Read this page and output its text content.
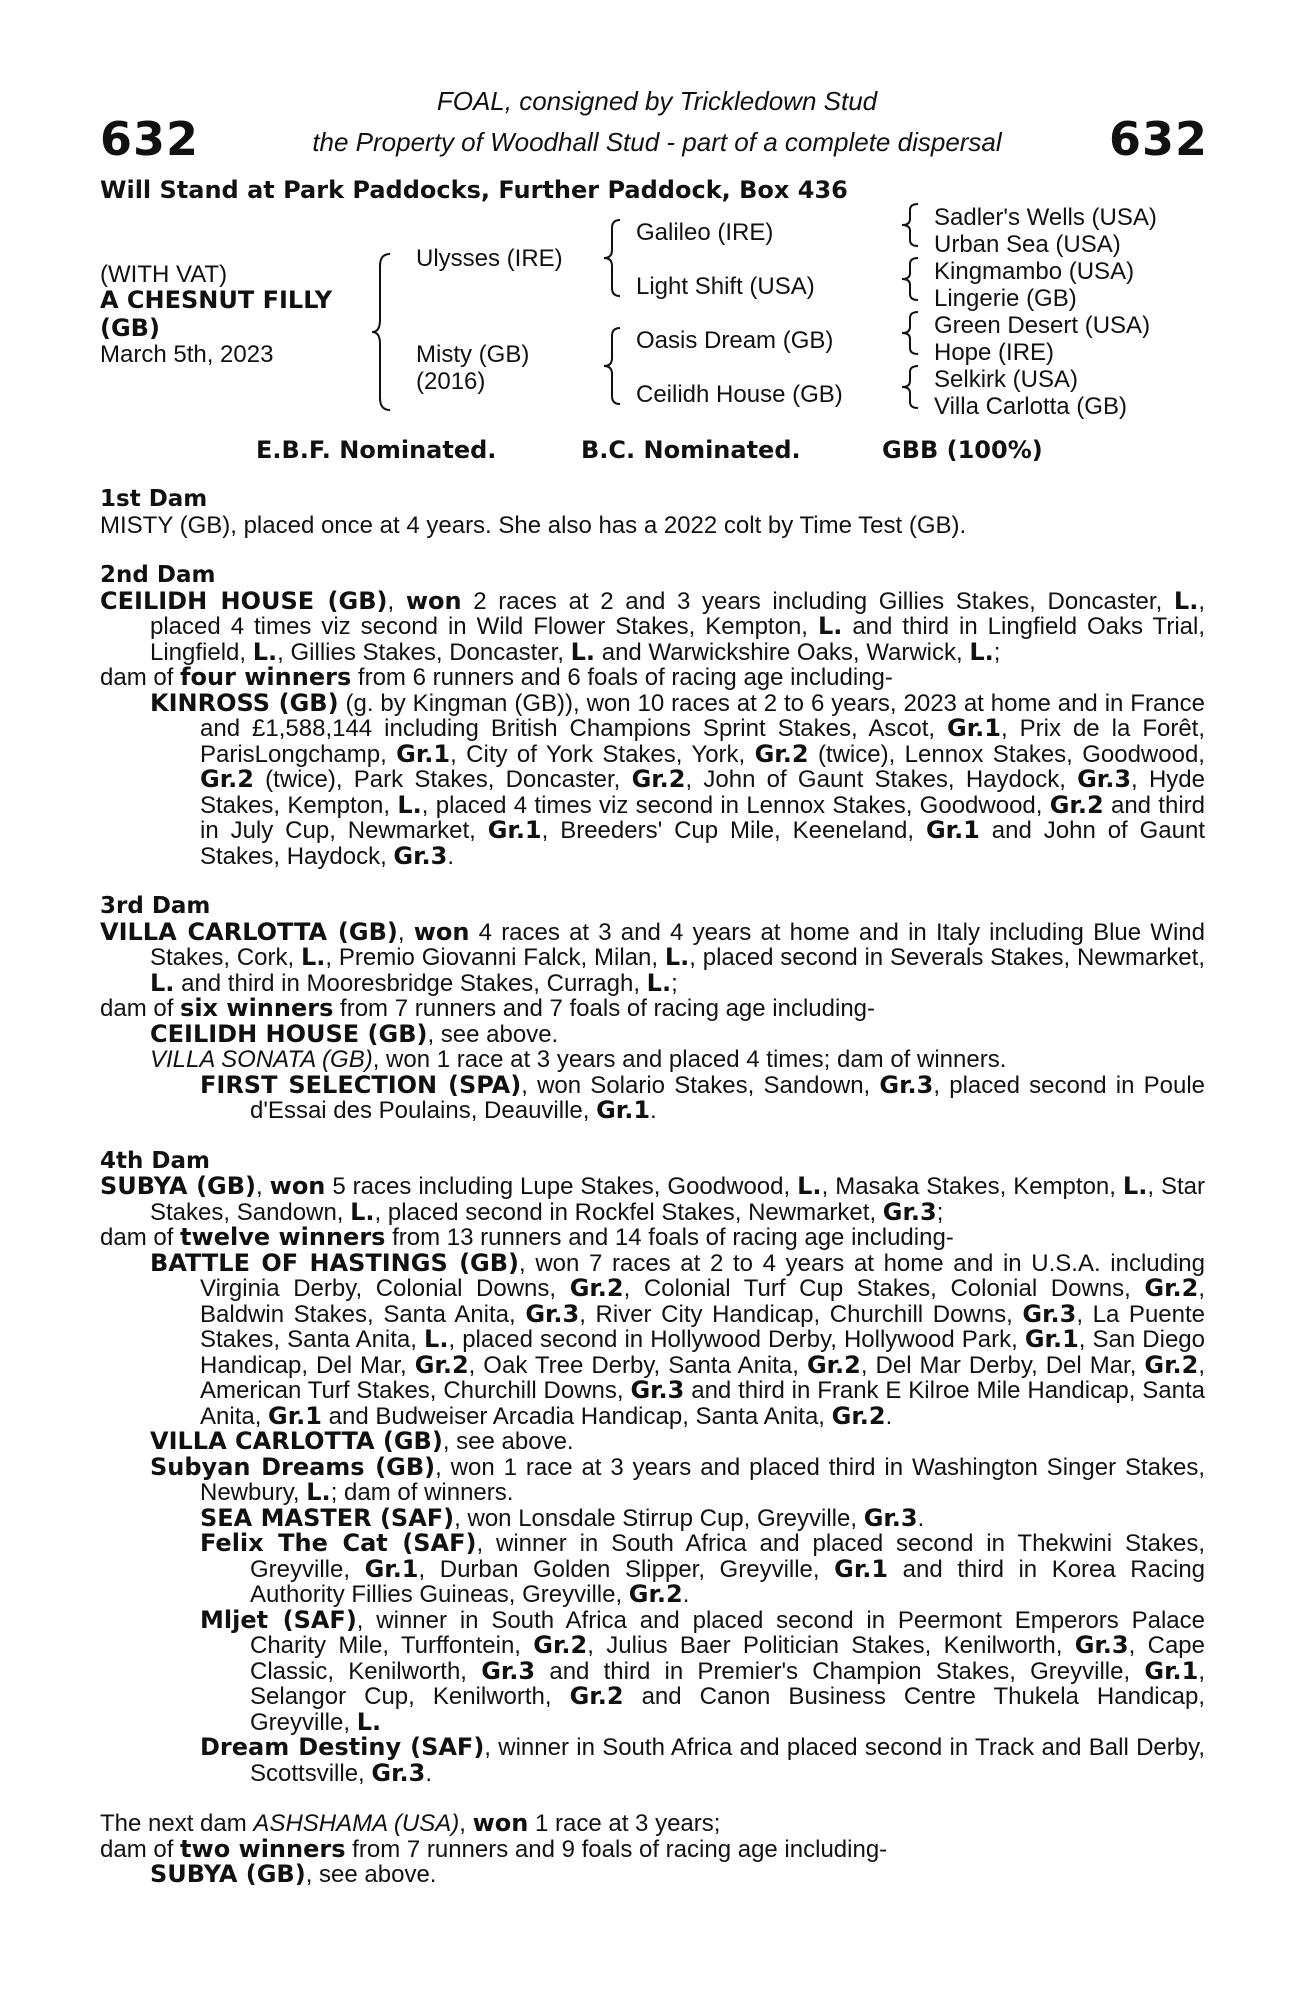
632	632
FOAL, consigned by Trickledown Stud
the Property of Woodhall Stud - part of a complete dispersal
Will Stand at Park Paddocks, Further Paddock, Box 436
(WITH VAT)
A CHESNUT FILLY
(GB)
March 5th, 2023
Ulysses (IRE)
Misty (GB)
(2016)
Galileo (IRE)
Light Shift (USA)
Oasis Dream (GB)
Ceilidh House (GB)
Sadler's Wells (USA)
Urban Sea (USA)
Kingmambo (USA)
Lingerie (GB)
Green Desert (USA)
Hope (IRE)
Selkirk (USA)
Villa Carlotta (GB)
E.B.F. Nominated.	B.C. Nominated.	GBB (100%)
1st Dam
MISTY (GB), placed once at 4 years. She also has a 2022 colt by Time Test (GB).
2nd Dam
CEILIDH HOUSE (GB), won 2 races at 2 and 3 years including Gillies Stakes, Doncaster, L., placed 4 times viz second in Wild Flower Stakes, Kempton, L. and third in Lingfield Oaks Trial, Lingfield, L., Gillies Stakes, Doncaster, L. and Warwickshire Oaks, Warwick, L.;
dam of four winners from 6 runners and 6 foals of racing age including-
KINROSS (GB) (g. by Kingman (GB)), won 10 races at 2 to 6 years, 2023 at home and in France and £1,588,144 including British Champions Sprint Stakes, Ascot, Gr.1, Prix de la Forêt, ParisLongchamp, Gr.1, City of York Stakes, York, Gr.2 (twice), Lennox Stakes, Goodwood, Gr.2 (twice), Park Stakes, Doncaster, Gr.2, John of Gaunt Stakes, Haydock, Gr.3, Hyde Stakes, Kempton, L., placed 4 times viz second in Lennox Stakes, Goodwood, Gr.2 and third in July Cup, Newmarket, Gr.1, Breeders' Cup Mile, Keeneland, Gr.1 and John of Gaunt Stakes, Haydock, Gr.3.
3rd Dam
VILLA CARLOTTA (GB), won 4 races at 3 and 4 years at home and in Italy including Blue Wind Stakes, Cork, L., Premio Giovanni Falck, Milan, L., placed second in Severals Stakes, Newmarket, L. and third in Mooresbridge Stakes, Curragh, L.;
dam of six winners from 7 runners and 7 foals of racing age including-
CEILIDH HOUSE (GB), see above.
VILLA SONATA (GB), won 1 race at 3 years and placed 4 times; dam of winners.
FIRST SELECTION (SPA), won Solario Stakes, Sandown, Gr.3, placed second in Poule d'Essai des Poulains, Deauville, Gr.1.
4th Dam
SUBYA (GB), won 5 races including Lupe Stakes, Goodwood, L., Masaka Stakes, Kempton, L., Star Stakes, Sandown, L., placed second in Rockfel Stakes, Newmarket, Gr.3;
dam of twelve winners from 13 runners and 14 foals of racing age including-
BATTLE OF HASTINGS (GB), won 7 races at 2 to 4 years at home and in U.S.A. including Virginia Derby, Colonial Downs, Gr.2, Colonial Turf Cup Stakes, Colonial Downs, Gr.2, Baldwin Stakes, Santa Anita, Gr.3, River City Handicap, Churchill Downs, Gr.3, La Puente Stakes, Santa Anita, L., placed second in Hollywood Derby, Hollywood Park, Gr.1, San Diego Handicap, Del Mar, Gr.2, Oak Tree Derby, Santa Anita, Gr.2, Del Mar Derby, Del Mar, Gr.2, American Turf Stakes, Churchill Downs, Gr.3 and third in Frank E Kilroe Mile Handicap, Santa Anita, Gr.1 and Budweiser Arcadia Handicap, Santa Anita, Gr.2.
VILLA CARLOTTA (GB), see above.
Subyan Dreams (GB), won 1 race at 3 years and placed third in Washington Singer Stakes, Newbury, L.; dam of winners.
SEA MASTER (SAF), won Lonsdale Stirrup Cup, Greyville, Gr.3.
Felix The Cat (SAF), winner in South Africa and placed second in Thekwini Stakes, Greyville, Gr.1, Durban Golden Slipper, Greyville, Gr.1 and third in Korea Racing Authority Fillies Guineas, Greyville, Gr.2.
Mljet (SAF), winner in South Africa and placed second in Peermont Emperors Palace Charity Mile, Turffontein, Gr.2, Julius Baer Politician Stakes, Kenilworth, Gr.3, Cape Classic, Kenilworth, Gr.3 and third in Premier's Champion Stakes, Greyville, Gr.1, Selangor Cup, Kenilworth, Gr.2 and Canon Business Centre Thukela Handicap, Greyville, L.
Dream Destiny (SAF), winner in South Africa and placed second in Track and Ball Derby, Scottsville, Gr.3.
The next dam ASHSHAMA (USA), won 1 race at 3 years;
dam of two winners from 7 runners and 9 foals of racing age including-
SUBYA (GB), see above.
